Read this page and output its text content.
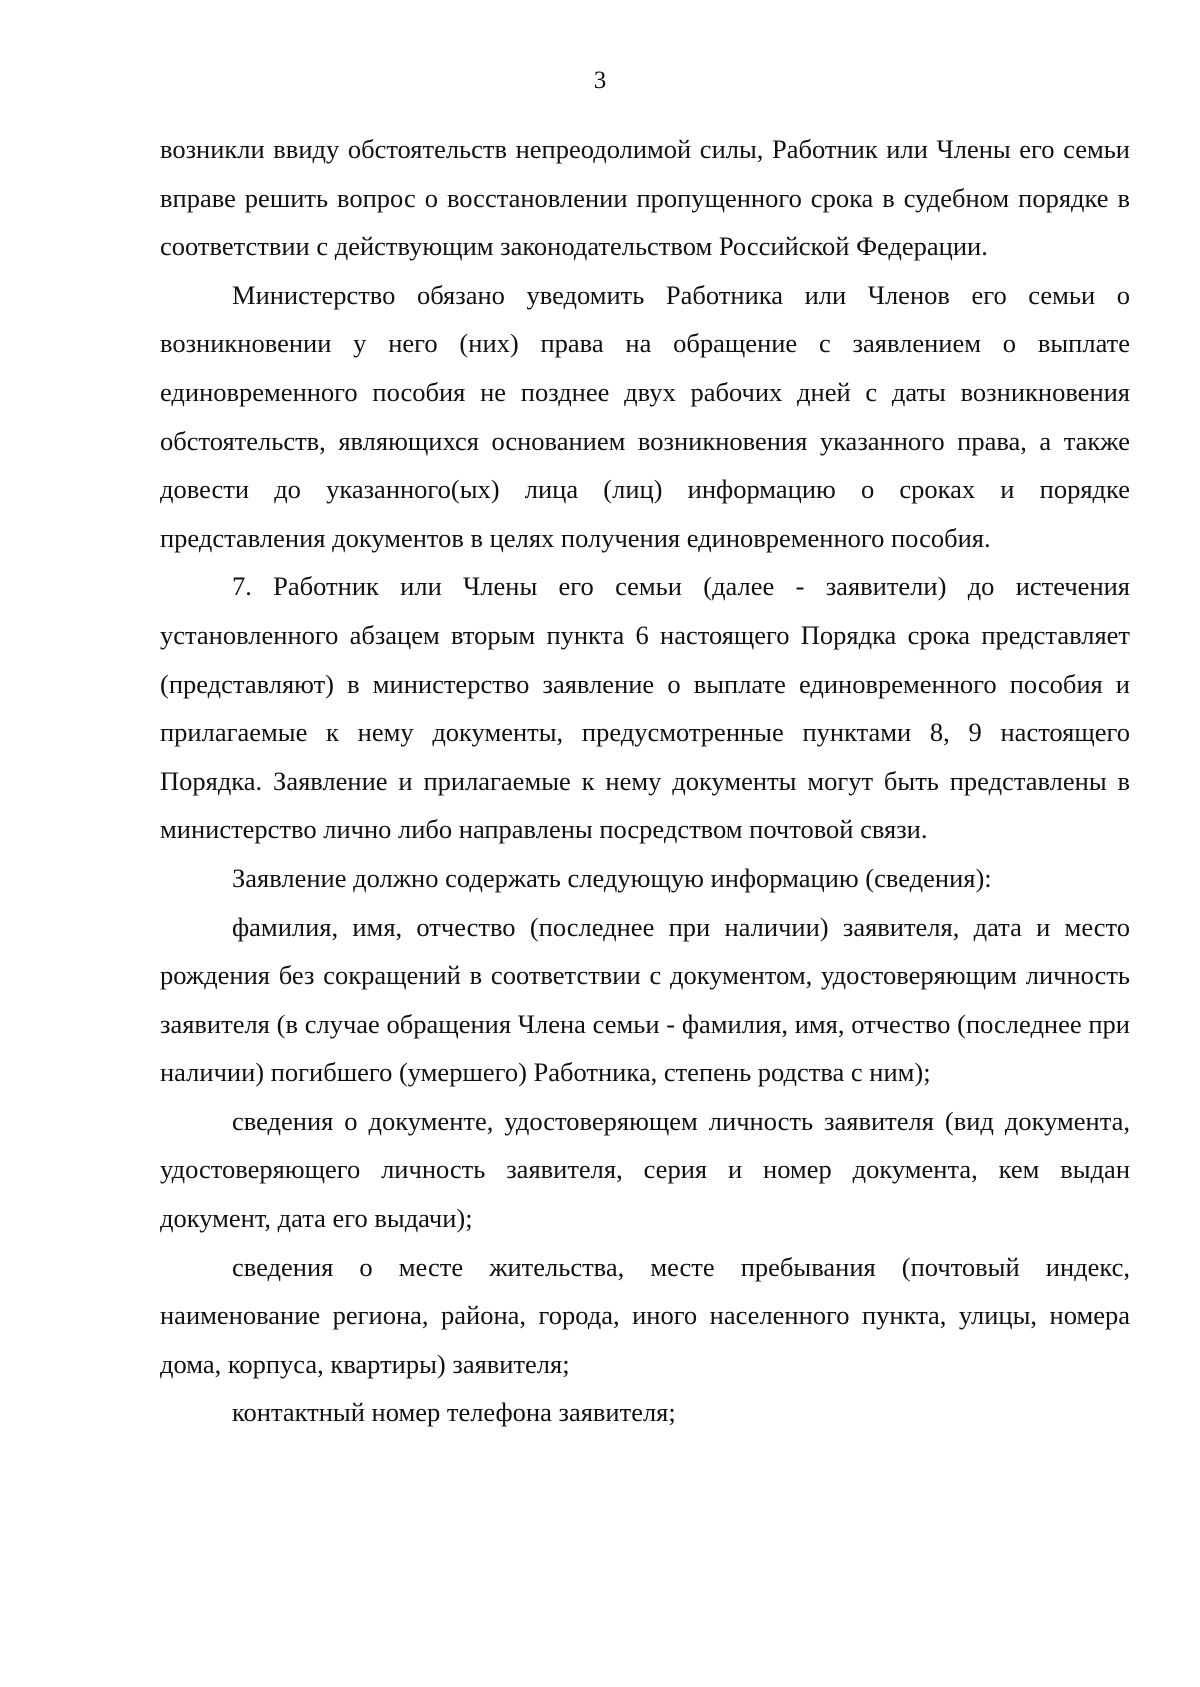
3

возникли ввиду обстоятельств непреодолимой силы, Работник или Члены его семьи вправе решить вопрос о восстановлении пропущенного срока в судебном порядке в соответствии с действующим законодательством Российской Федерации.

Министерство обязано уведомить Работника или Членов его семьи о возникновении у него (них) права на обращение с заявлением о выплате единовременного пособия не позднее двух рабочих дней с даты возникновения обстоятельств, являющихся основанием возникновения указанного права, а также довести до указанного(ых) лица (лиц) информацию о сроках и порядке представления документов в целях получения единовременного пособия.

7. Работник или Члены его семьи (далее - заявители) до истечения установленного абзацем вторым пункта 6 настоящего Порядка срока представляет (представляют) в министерство заявление о выплате единовременного пособия и прилагаемые к нему документы, предусмотренные пунктами 8, 9 настоящего Порядка. Заявление и прилагаемые к нему документы могут быть представлены в министерство лично либо направлены посредством почтовой связи.

Заявление должно содержать следующую информацию (сведения):

фамилия, имя, отчество (последнее при наличии) заявителя, дата и место рождения без сокращений в соответствии с документом, удостоверяющим личность заявителя (в случае обращения Члена семьи - фамилия, имя, отчество (последнее при наличии) погибшего (умершего) Работника, степень родства с ним);

сведения о документе, удостоверяющем личность заявителя (вид документа, удостоверяющего личность заявителя, серия и номер документа, кем выдан документ, дата его выдачи);

сведения о месте жительства, месте пребывания (почтовый индекс, наименование региона, района, города, иного населенного пункта, улицы, номера дома, корпуса, квартиры) заявителя;

контактный номер телефона заявителя;
